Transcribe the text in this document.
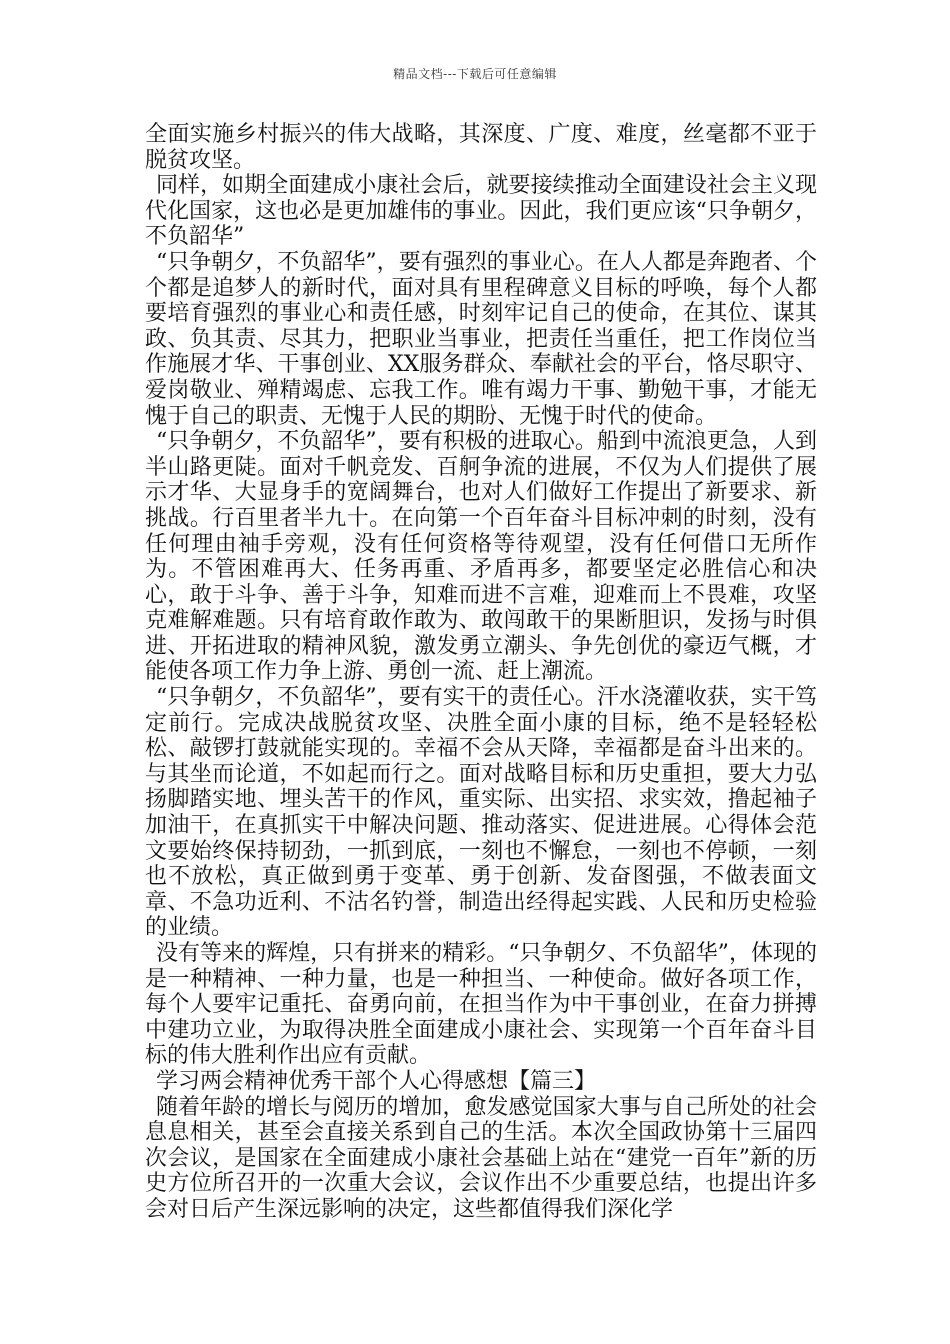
精品文档---下载后可任意编辑

全面实施乡村振兴的伟大战略，其深度、广度、难度，丝毫都不亚于脱贫攻坚。

同样，如期全面建成小康社会后，就要接续推动全面建设社会主义现代化国家，这也必是更加雄伟的事业。因此，我们更应该“只争朝夕，不负韶华”

“只争朝夕，不负韶华”，要有强烈的事业心。在人人都是奔跑者、个个都是追梦人的新时代，面对具有里程碑意义目标的呼唤，每个人都要培育强烈的事业心和责任感，时刻牢记自己的使命，在其位、谋其政、负其责、尽其力，把职业当事业，把责任当重任，把工作岗位当作施展才华、干事创业、XX服务群众、奉献社会的平台，恪尽职守、爱岗敬业、殚精竭虑、忘我工作。唯有竭力干事、勤勉干事，才能无愧于自己的职责、无愧于人民的期盼、无愧于时代的使命。

“只争朝夕，不负韶华”，要有积极的进取心。船到中流浪更急，人到半山路更陡。面对千帆竞发、百舸争流的进展，不仅为人们提供了展示才华、大显身手的宽阔舞台，也对人们做好工作提出了新要求、新挑战。行百里者半九十。在向第一个百年奋斗目标冲刺的时刻，没有任何理由袖手旁观，没有任何资格等待观望，没有任何借口无所作为。不管困难再大、任务再重、矛盾再多，都要坚定必胜信心和决心，敢于斗争、善于斗争，知难而进不言难，迎难而上不畏难，攻坚克难解难题。只有培育敢作敢为、敢闯敢干的果断胆识，发扬与时俱进、开拓进取的精神风貌，激发勇立潮头、争先创优的豪迈气概，才能使各项工作力争上游、勇创一流、赶上潮流。

“只争朝夕，不负韶华”，要有实干的责任心。汗水浇灌收获，实干笃定前行。完成决战脱贫攻坚、决胜全面小康的目标，绝不是轻轻松松、敲锣打鼓就能实现的。幸福不会从天降，幸福都是奋斗出来的。与其坐而论道，不如起而行之。面对战略目标和历史重担，要大力弘扬脚踏实地、埋头苦干的作风，重实际、出实招、求实效，撸起袖子加油干，在真抓实干中解决问题、推动落实、促进进展。心得体会范文要始终保持韧劲，一抓到底，一刻也不懈怠，一刻也不停顿，一刻也不放松，真正做到勇于变革、勇于创新、发奋图强，不做表面文章、不急功近利、不沽名钓誉，制造出经得起实践、人民和历史检验的业绩。

没有等来的辉煌，只有拼来的精彩。“只争朝夕、不负韶华”，体现的是一种精神、一种力量，也是一种担当、一种使命。做好各项工作，每个人要牢记重托、奋勇向前，在担当作为中干事创业，在奋力拼搏中建功立业，为取得决胜全面建成小康社会、实现第一个百年奋斗目标的伟大胜利作出应有贡献。

学习两会精神优秀干部个人心得感想【篇三】

随着年龄的增长与阅历的增加，愈发感觉国家大事与自己所处的社会息息相关，甚至会直接关系到自己的生活。本次全国政协第十三届四次会议，是国家在全面建成小康社会基础上站在“建党一百年”新的历史方位所召开的一次重大会议，会议作出不少重要总结，也提出许多会对日后产生深远影响的决定，这些都值得我们深化学
